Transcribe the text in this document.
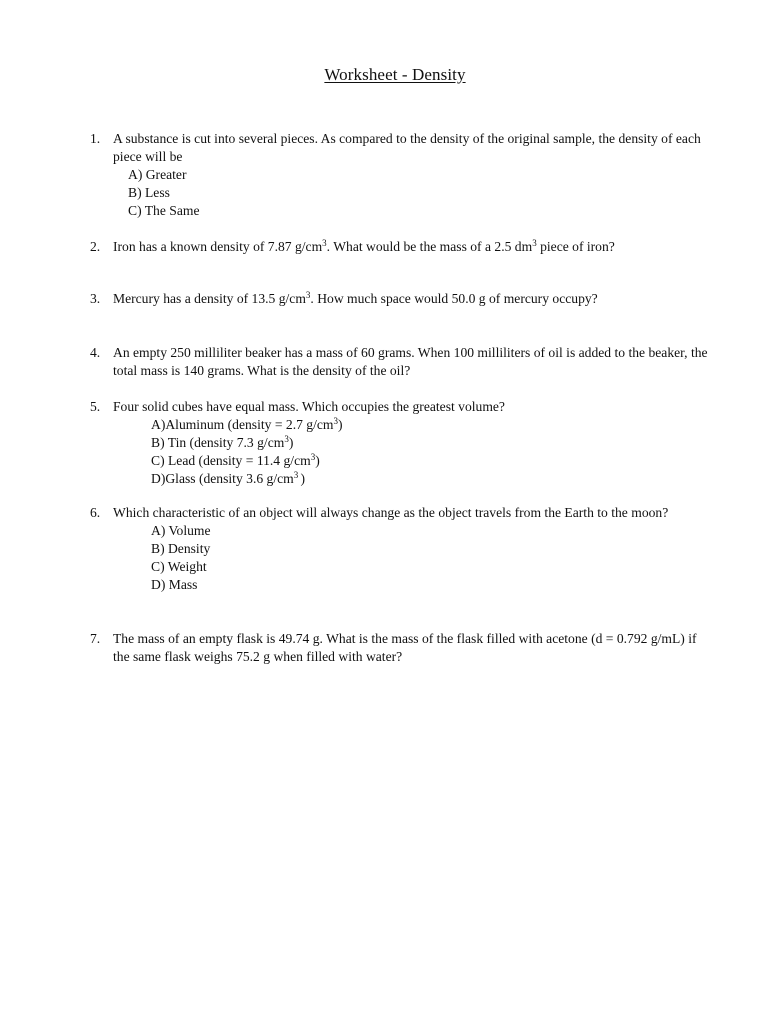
Worksheet - Density
1. A substance is cut into several pieces. As compared to the density of the original sample, the density of each piece will be

A) Greater
B) Less
C) The Same
2. Iron has a known density of 7.87 $g/cm^3$. What would be the mass of a 2.5 $dm^3$ piece of iron?

3. Mercury has a density of 13.5 $g/cm^3$. How much space would 50.0 g of mercury occupy?

4. An empty 250 milliliter beaker has a mass of 60 grams. When 100 milliliters of oil is added to the beaker, the total mass is 140 grams. What is the density of the oil?

5. Four solid cubes have equal mass. Which occupies the greatest volume?

A)Aluminum (density = 2.7 $g/cm^3$)
B) Tin (density 7.3 $g/cm^3$)
C) Lead (density = 11.4 $g/cm^3$)
D)Glass (density 3.6 $g/cm^3$ )
6. Which characteristic of an object will always change as the object travels from the Earth to the moon?

A) Volume
B) Density
C) Weight
D) Mass
7. The mass of an empty flask is 49.74 g. What is the mass of the flask filled with acetone (d = 0.792 g/mL) if the same flask weighs 75.2 g when filled with water?
